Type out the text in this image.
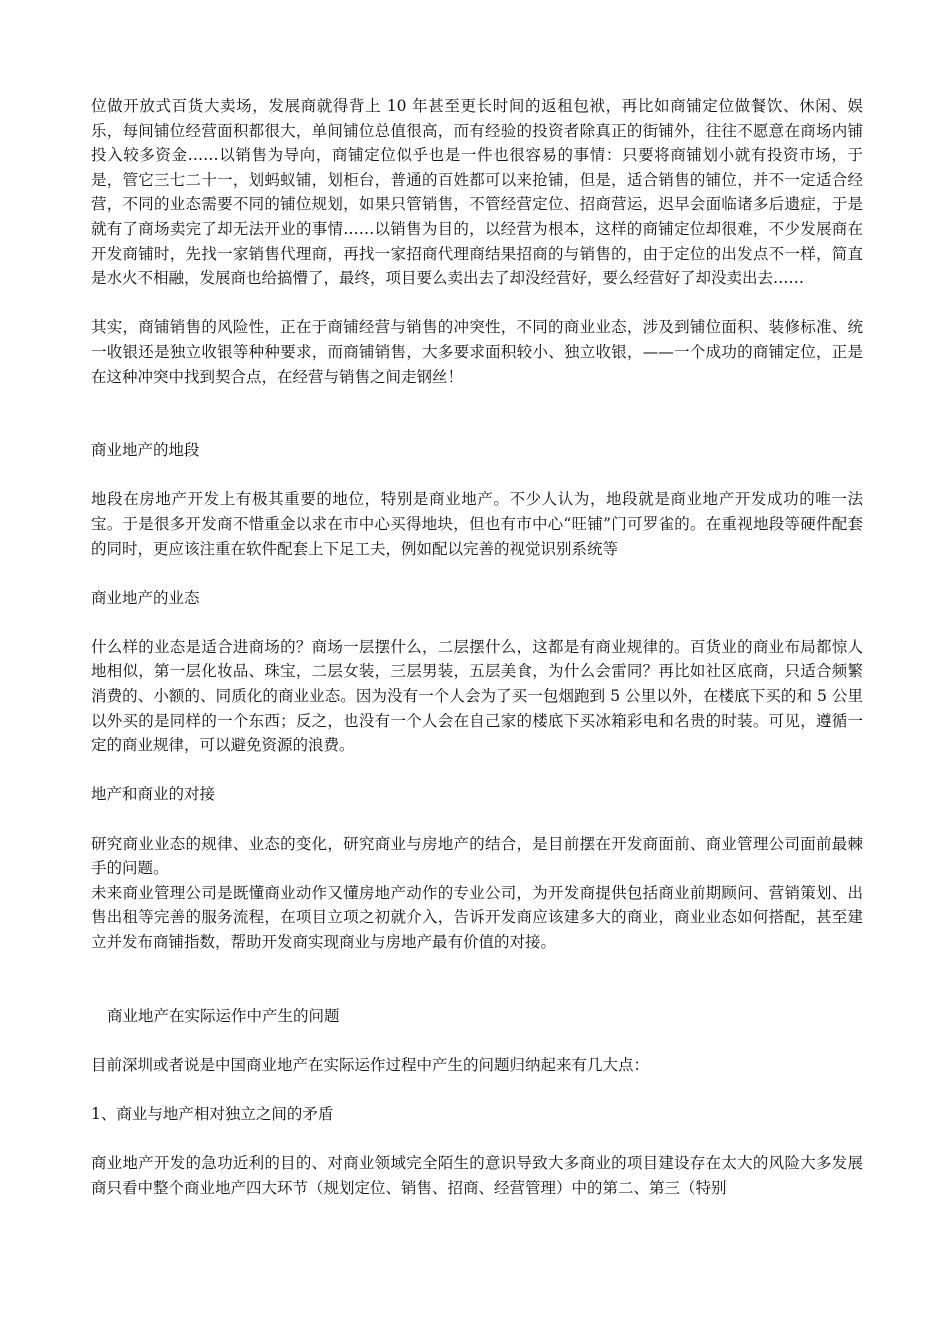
位做开放式百货大卖场，发展商就得背上 10 年甚至更长时间的返租包袱，再比如商铺定位做餐饮、休闲、娱乐，每间铺位经营面积都很大，单间铺位总值很高，而有经验的投资者除真正的街铺外，往往不愿意在商场内铺投入较多资金……以销售为导向，商铺定位似乎也是一件也很容易的事情：只要将商铺划小就有投资市场，于是，管它三七二十一，划蚂蚁铺，划柜台，普通的百姓都可以来抢铺，但是，适合销售的铺位，并不一定适合经营，不同的业态需要不同的铺位规划，如果只管销售，不管经营定位、招商营运，迟早会面临诸多后遗症，于是就有了商场卖完了却无法开业的事情……以销售为目的，以经营为根本，这样的商铺定位却很难，不少发展商在开发商铺时，先找一家销售代理商，再找一家招商代理商结果招商的与销售的，由于定位的出发点不一样，简直是水火不相融，发展商也给搞懵了，最终，项目要么卖出去了却没经营好，要么经营好了却没卖出去……

其实，商铺销售的风险性，正在于商铺经营与销售的冲突性，不同的商业业态，涉及到铺位面积、装修标准、统一收银还是独立收银等种种要求，而商铺销售，大多要求面积较小、独立收银，——一个成功的商铺定位，正是在这种冲突中找到契合点，在经营与销售之间走钢丝！

商业地产的地段

地段在房地产开发上有极其重要的地位，特别是商业地产。不少人认为，地段就是商业地产开发成功的唯一法宝。于是很多开发商不惜重金以求在市中心买得地块，但也有市中心“旺铺”门可罗雀的。在重视地段等硬件配套的同时，更应该注重在软件配套上下足工夫，例如配以完善的视觉识别系统等

商业地产的业态

什么样的业态是适合进商场的？商场一层摆什么，二层摆什么，这都是有商业规律的。百货业的商业布局都惊人地相似，第一层化妆品、珠宝，二层女装，三层男装，五层美食，为什么会雷同？再比如社区底商，只适合频繁消费的、小额的、同质化的商业业态。因为没有一个人会为了买一包烟跑到 5 公里以外，在楼底下买的和 5 公里以外买的是同样的一个东西；反之，也没有一个人会在自己家的楼底下买冰箱彩电和名贵的时装。可见，遵循一定的商业规律，可以避免资源的浪费。

地产和商业的对接

研究商业业态的规律、业态的变化，研究商业与房地产的结合，是目前摆在开发商面前、商业管理公司面前最棘手的问题。

未来商业管理公司是既懂商业动作又懂房地产动作的专业公司，为开发商提供包括商业前期顾问、营销策划、出售出租等完善的服务流程，在项目立项之初就介入，告诉开发商应该建多大的商业，商业业态如何搭配，甚至建立并发布商铺指数，帮助开发商实现商业与房地产最有价值的对接。

商业地产在实际运作中产生的问题

目前深圳或者说是中国商业地产在实际运作过程中产生的问题归纳起来有几大点：

1、商业与地产相对独立之间的矛盾

商业地产开发的急功近利的目的、对商业领域完全陌生的意识导致大多商业的项目建设存在太大的风险大多发展商只看中整个商业地产四大环节（规划定位、销售、招商、经营管理）中的第二、第三（特别
